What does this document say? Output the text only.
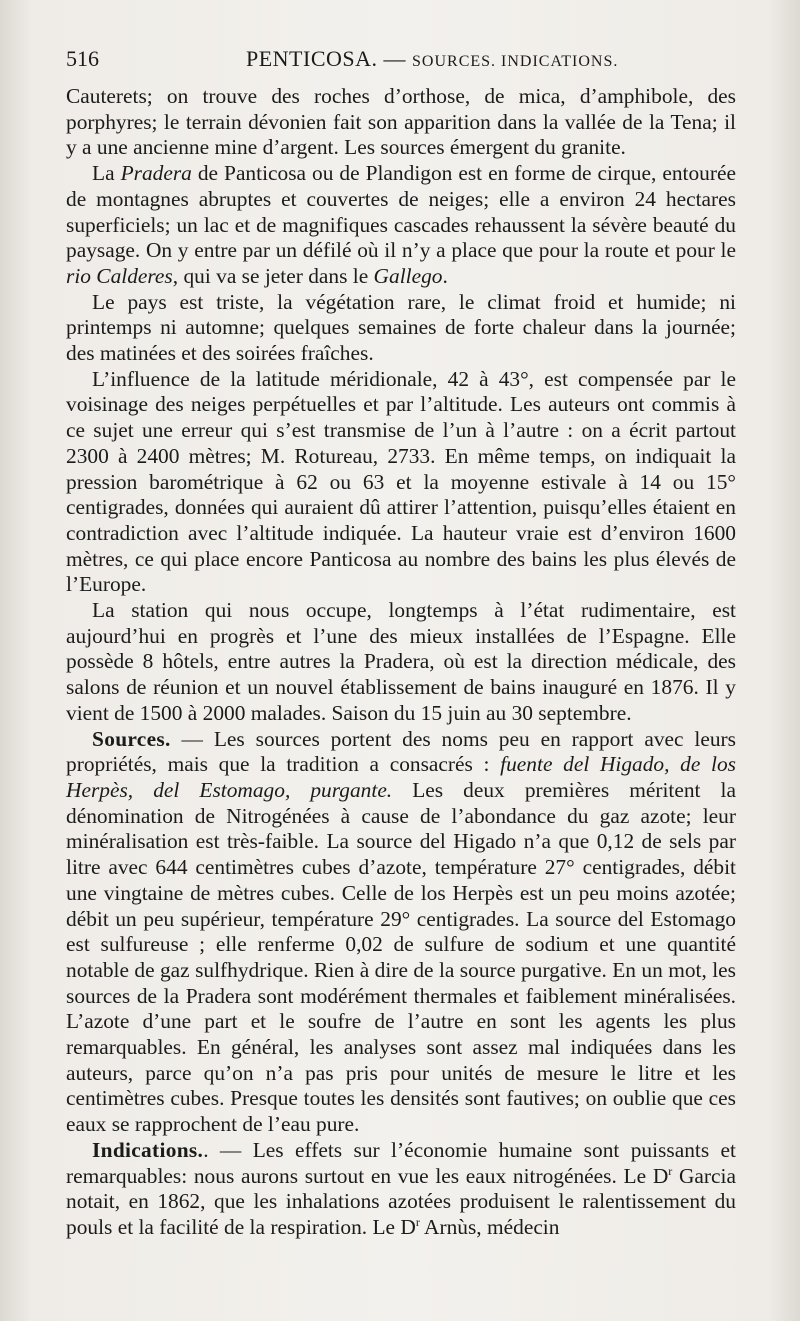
516	PENTICOSA. — SOURCES. INDICATIONS.

Cauterets; on trouve des roches d’orthose, de mica, d’amphibole, des porphyres; le terrain dévonien fait son apparition dans la vallée de la Tena; il y a une ancienne mine d’argent. Les sources émergent du granite.

La Pradera de Panticosa ou de Plandigon est en forme de cirque, entourée de montagnes abruptes et couvertes de neiges; elle a environ 24 hectares superficiels; un lac et de magnifiques cascades rehaussent la sévère beauté du paysage. On y entre par un défilé où il n’y a place que pour la route et pour le rio Calderes, qui va se jeter dans le Gallego.

Le pays est triste, la végétation rare, le climat froid et humide; ni printemps ni automne; quelques semaines de forte chaleur dans la journée; des matinées et des soirées fraîches.

L’influence de la latitude méridionale, 42 à 43°, est compensée par le voisinage des neiges perpétuelles et par l’altitude. Les auteurs ont commis à ce sujet une erreur qui s’est transmise de l’un à l’autre : on a écrit partout 2300 à 2400 mètres; M. Rotureau, 2733. En même temps, on indiquait la pression barométrique à 62 ou 63 et la moyenne estivale à 14 ou 15° centigrades, données qui auraient dû attirer l’attention, puisqu’elles étaient en contradiction avec l’altitude indiquée. La hauteur vraie est d’environ 1600 mètres, ce qui place encore Panticosa au nombre des bains les plus élevés de l’Europe.

La station qui nous occupe, longtemps à l’état rudimentaire, est aujourd’hui en progrès et l’une des mieux installées de l’Espagne. Elle possède 8 hôtels, entre autres la Pradera, où est la direction médicale, des salons de réunion et un nouvel établissement de bains inauguré en 1876. Il y vient de 1500 à 2000 malades. Saison du 15 juin au 30 septembre.

Sources. — Les sources portent des noms peu en rapport avec leurs propriétés, mais que la tradition a consacrés : fuente del Higado, de los Herpès, del Estomago, purgante. Les deux premières méritent la dénomination de Nitrogénées à cause de l’abondance du gaz azote; leur minéralisation est très-faible. La source del Higado n’a que 0,12 de sels par litre avec 644 centimètres cubes d’azote, température 27° centigrades, débit une vingtaine de mètres cubes. Celle de los Herpès est un peu moins azotée; débit un peu supérieur, température 29° centigrades. La source del Estomago est sulfureuse ; elle renferme 0,02 de sulfure de sodium et une quantité notable de gaz sulfhydrique. Rien à dire de la source purgative. En un mot, les sources de la Pradera sont modérément thermales et faiblement minéralisées. L’azote d’une part et le soufre de l’autre en sont les agents les plus remarquables. En général, les analyses sont assez mal indiquées dans les auteurs, parce qu’on n’a pas pris pour unités de mesure le litre et les centimètres cubes. Presque toutes les densités sont fautives; on oublie que ces eaux se rapprochent de l’eau pure.

Indications.. — Les effets sur l’économie humaine sont puissants et remarquables: nous aurons surtout en vue les eaux nitrogénées. Le $D^r$ Garcia notait, en 1862, que les inhalations azotées produisent le ralentissement du pouls et la facilité de la respiration. Le $D^r$ Arnùs, médecin
